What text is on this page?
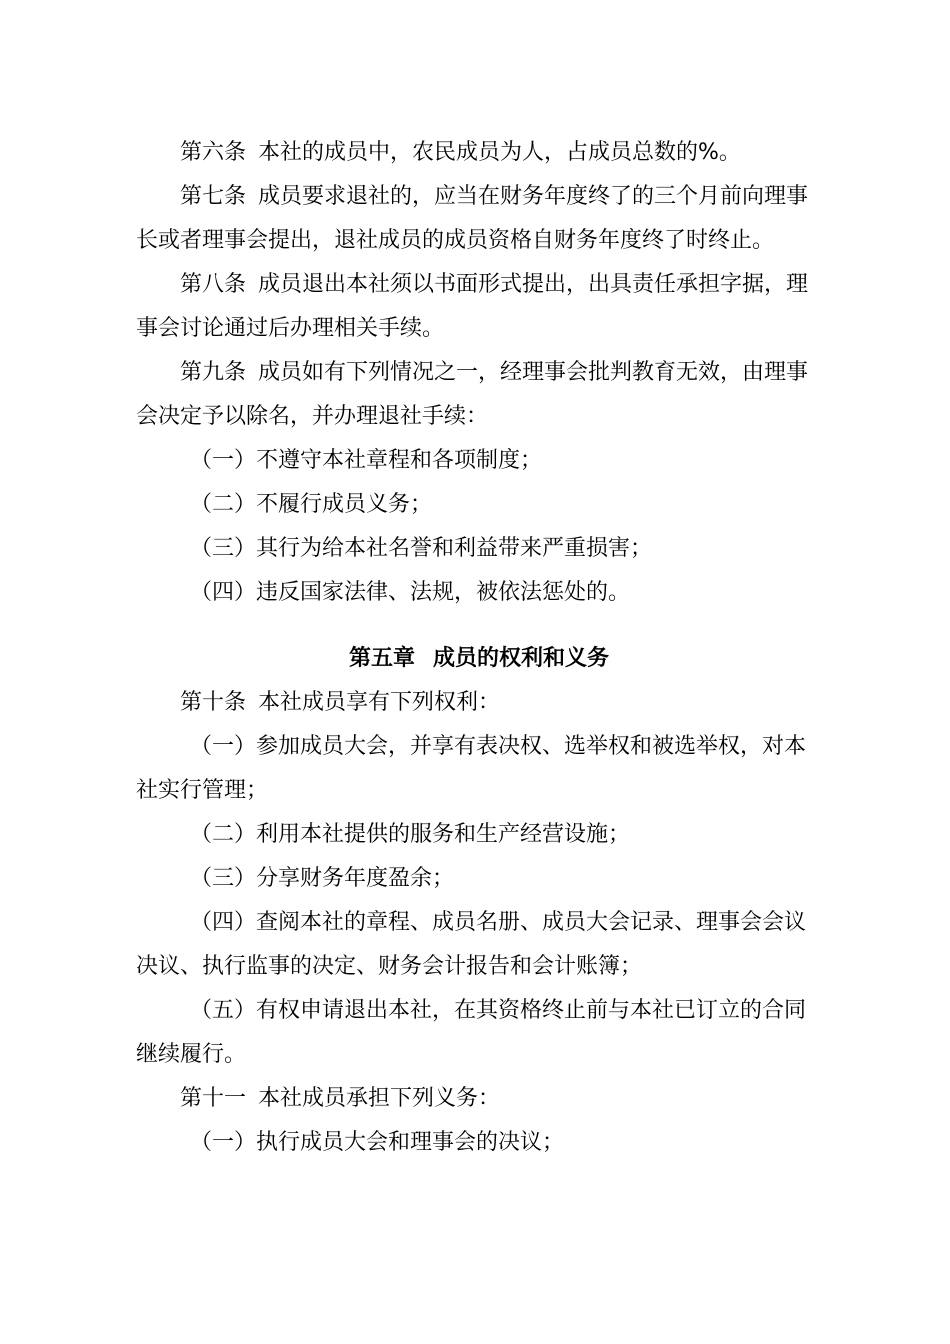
第六条 本社的成员中，农民成员为人，占成员总数的%。

第七条 成员要求退社的，应当在财务年度终了的三个月前向理事长或者理事会提出，退社成员的成员资格自财务年度终了时终止。

第八条 成员退出本社须以书面形式提出，出具责任承担字据，理事会讨论通过后办理相关手续。

第九条 成员如有下列情况之一，经理事会批判教育无效，由理事会决定予以除名，并办理退社手续：

（一）不遵守本社章程和各项制度；

（二）不履行成员义务；

（三）其行为给本社名誉和利益带来严重损害；

（四）违反国家法律、法规，被依法惩处的。

第五章 成员的权利和义务

第十条 本社成员享有下列权利：

（一）参加成员大会，并享有表决权、选举权和被选举权，对本社实行管理；

（二）利用本社提供的服务和生产经营设施；

（三）分享财务年度盈余；

（四）查阅本社的章程、成员名册、成员大会记录、理事会会议决议、执行监事的决定、财务会计报告和会计账簿；

（五）有权申请退出本社，在其资格终止前与本社已订立的合同继续履行。

第十一 本社成员承担下列义务：

（一）执行成员大会和理事会的决议；
